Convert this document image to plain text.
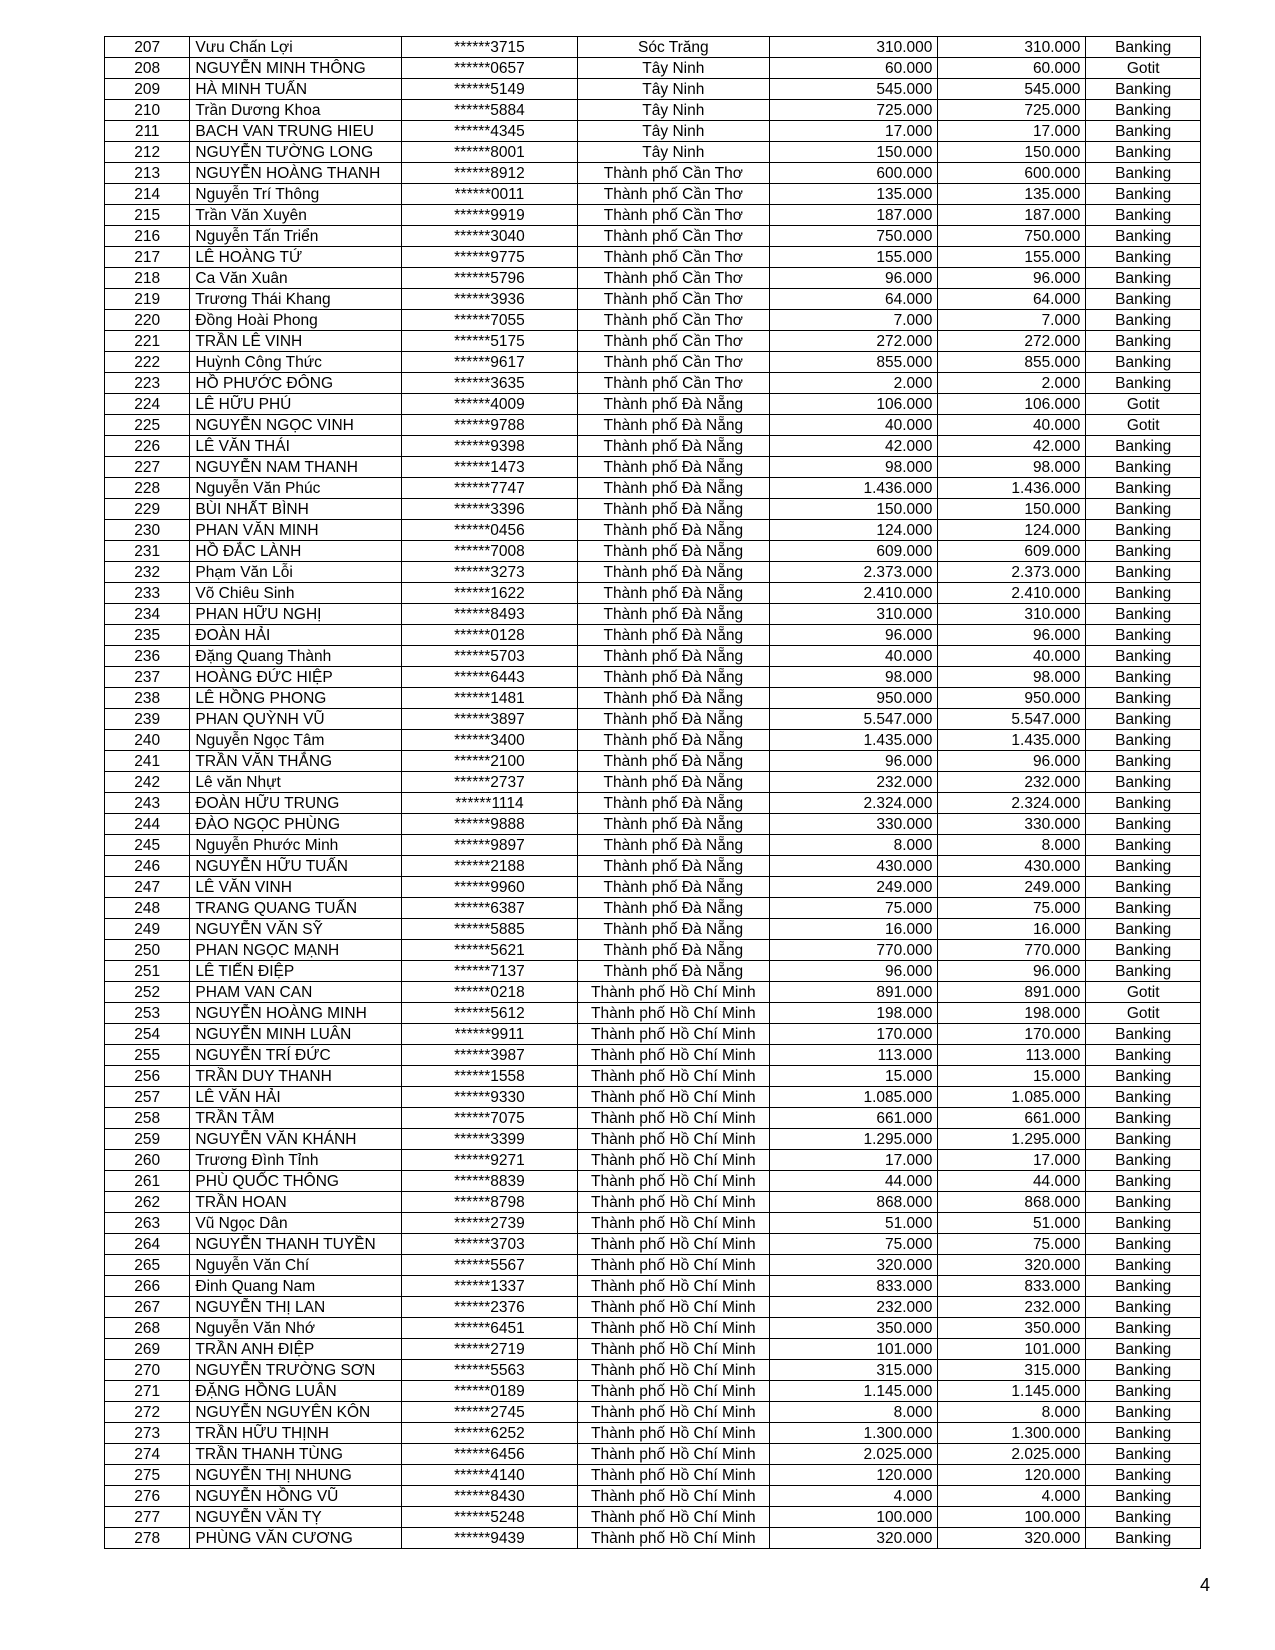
207	Vưu Chấn Lợi	******3715	Sóc Trăng	310.000	310.000	Banking
208	NGUYỄN MINH THÔNG	******0657	Tây Ninh	60.000	60.000	Gotit
209	HÀ MINH TUẤN	******5149	Tây Ninh	545.000	545.000	Banking
210	Trần Dương Khoa	******5884	Tây Ninh	725.000	725.000	Banking
211	BACH VAN TRUNG HIEU	******4345	Tây Ninh	17.000	17.000	Banking
212	NGUYỄN TƯỜNG LONG	******8001	Tây Ninh	150.000	150.000	Banking
213	NGUYỄN HOÀNG THANH	******8912	Thành phố Cần Thơ	600.000	600.000	Banking
214	Nguyễn Trí Thông	******0011	Thành phố Cần Thơ	135.000	135.000	Banking
215	Trần Văn Xuyên	******9919	Thành phố Cần Thơ	187.000	187.000	Banking
216	Nguyễn Tấn Triển	******3040	Thành phố Cần Thơ	750.000	750.000	Banking
217	LÊ HOÀNG TỨ	******9775	Thành phố Cần Thơ	155.000	155.000	Banking
218	Ca Văn Xuân	******5796	Thành phố Cần Thơ	96.000	96.000	Banking
219	Trương Thái Khang	******3936	Thành phố Cần Thơ	64.000	64.000	Banking
220	Đồng Hoài Phong	******7055	Thành phố Cần Thơ	7.000	7.000	Banking
221	TRẦN LÊ VINH	******5175	Thành phố Cần Thơ	272.000	272.000	Banking
222	Huỳnh Công Thức	******9617	Thành phố Cần Thơ	855.000	855.000	Banking
223	HỒ PHƯỚC ĐÔNG	******3635	Thành phố Cần Thơ	2.000	2.000	Banking
224	LÊ HỮU PHÚ	******4009	Thành phố Đà Nẵng	106.000	106.000	Gotit
225	NGUYỄN NGỌC VINH	******9788	Thành phố Đà Nẵng	40.000	40.000	Gotit
226	LÊ VĂN THÁI	******9398	Thành phố Đà Nẵng	42.000	42.000	Banking
227	NGUYỄN NAM THANH	******1473	Thành phố Đà Nẵng	98.000	98.000	Banking
228	Nguyễn Văn Phúc	******7747	Thành phố Đà Nẵng	1.436.000	1.436.000	Banking
229	BÙI NHẤT BÌNH	******3396	Thành phố Đà Nẵng	150.000	150.000	Banking
230	PHAN VĂN MINH	******0456	Thành phố Đà Nẵng	124.000	124.000	Banking
231	HỒ ĐẮC LÀNH	******7008	Thành phố Đà Nẵng	609.000	609.000	Banking
232	Phạm Văn Lỗi	******3273	Thành phố Đà Nẵng	2.373.000	2.373.000	Banking
233	Võ Chiêu Sinh	******1622	Thành phố Đà Nẵng	2.410.000	2.410.000	Banking
234	PHAN HỮU NGHỊ	******8493	Thành phố Đà Nẵng	310.000	310.000	Banking
235	ĐOÀN HẢI	******0128	Thành phố Đà Nẵng	96.000	96.000	Banking
236	Đặng Quang Thành	******5703	Thành phố Đà Nẵng	40.000	40.000	Banking
237	HOÀNG ĐỨC HIỆP	******6443	Thành phố Đà Nẵng	98.000	98.000	Banking
238	LÊ HỒNG PHONG	******1481	Thành phố Đà Nẵng	950.000	950.000	Banking
239	PHAN QUỲNH VŨ	******3897	Thành phố Đà Nẵng	5.547.000	5.547.000	Banking
240	Nguyễn Ngọc Tâm	******3400	Thành phố Đà Nẵng	1.435.000	1.435.000	Banking
241	TRẦN VĂN THẮNG	******2100	Thành phố Đà Nẵng	96.000	96.000	Banking
242	Lê văn Nhựt	******2737	Thành phố Đà Nẵng	232.000	232.000	Banking
243	ĐOÀN HỮU TRUNG	******1114	Thành phố Đà Nẵng	2.324.000	2.324.000	Banking
244	ĐÀO NGỌC PHÙNG	******9888	Thành phố Đà Nẵng	330.000	330.000	Banking
245	Nguyễn Phước Minh	******9897	Thành phố Đà Nẵng	8.000	8.000	Banking
246	NGUYỄN HỮU TUẤN	******2188	Thành phố Đà Nẵng	430.000	430.000	Banking
247	LÊ VĂN VINH	******9960	Thành phố Đà Nẵng	249.000	249.000	Banking
248	TRANG QUANG TUẤN	******6387	Thành phố Đà Nẵng	75.000	75.000	Banking
249	NGUYỄN VĂN SỸ	******5885	Thành phố Đà Nẵng	16.000	16.000	Banking
250	PHAN NGỌC MẠNH	******5621	Thành phố Đà Nẵng	770.000	770.000	Banking
251	LÊ TIẾN ĐIỆP	******7137	Thành phố Đà Nẵng	96.000	96.000	Banking
252	PHAM VAN CAN	******0218	Thành phố Hồ Chí Minh	891.000	891.000	Gotit
253	NGUYỄN HOÀNG MINH	******5612	Thành phố Hồ Chí Minh	198.000	198.000	Gotit
254	NGUYỄN MINH LUÂN	******9911	Thành phố Hồ Chí Minh	170.000	170.000	Banking
255	NGUYỄN TRÍ ĐỨC	******3987	Thành phố Hồ Chí Minh	113.000	113.000	Banking
256	TRẦN DUY THANH	******1558	Thành phố Hồ Chí Minh	15.000	15.000	Banking
257	LÊ VĂN HẢI	******9330	Thành phố Hồ Chí Minh	1.085.000	1.085.000	Banking
258	TRẦN TÂM	******7075	Thành phố Hồ Chí Minh	661.000	661.000	Banking
259	NGUYỄN VĂN KHÁNH	******3399	Thành phố Hồ Chí Minh	1.295.000	1.295.000	Banking
260	Trương Đình Tỉnh	******9271	Thành phố Hồ Chí Minh	17.000	17.000	Banking
261	PHÙ QUỐC THÔNG	******8839	Thành phố Hồ Chí Minh	44.000	44.000	Banking
262	TRẦN HOAN	******8798	Thành phố Hồ Chí Minh	868.000	868.000	Banking
263	Vũ Ngọc Dân	******2739	Thành phố Hồ Chí Minh	51.000	51.000	Banking
264	NGUYỄN THANH TUYỀN	******3703	Thành phố Hồ Chí Minh	75.000	75.000	Banking
265	Nguyễn Văn Chí	******5567	Thành phố Hồ Chí Minh	320.000	320.000	Banking
266	Đinh Quang Nam	******1337	Thành phố Hồ Chí Minh	833.000	833.000	Banking
267	NGUYỄN THỊ LAN	******2376	Thành phố Hồ Chí Minh	232.000	232.000	Banking
268	Nguyễn Văn Nhớ	******6451	Thành phố Hồ Chí Minh	350.000	350.000	Banking
269	TRẦN ANH ĐIỆP	******2719	Thành phố Hồ Chí Minh	101.000	101.000	Banking
270	NGUYỄN TRƯỜNG SƠN	******5563	Thành phố Hồ Chí Minh	315.000	315.000	Banking
271	ĐẶNG HỒNG LUÂN	******0189	Thành phố Hồ Chí Minh	1.145.000	1.145.000	Banking
272	NGUYỄN NGUYÊN KÔN	******2745	Thành phố Hồ Chí Minh	8.000	8.000	Banking
273	TRẦN HỮU THỊNH	******6252	Thành phố Hồ Chí Minh	1.300.000	1.300.000	Banking
274	TRẦN THANH TÙNG	******6456	Thành phố Hồ Chí Minh	2.025.000	2.025.000	Banking
275	NGUYỄN THỊ NHUNG	******4140	Thành phố Hồ Chí Minh	120.000	120.000	Banking
276	NGUYỄN HỒNG VŨ	******8430	Thành phố Hồ Chí Minh	4.000	4.000	Banking
277	NGUYỄN VĂN TỴ	******5248	Thành phố Hồ Chí Minh	100.000	100.000	Banking
278	PHÙNG VĂN CƯƠNG	******9439	Thành phố Hồ Chí Minh	320.000	320.000	Banking
4
